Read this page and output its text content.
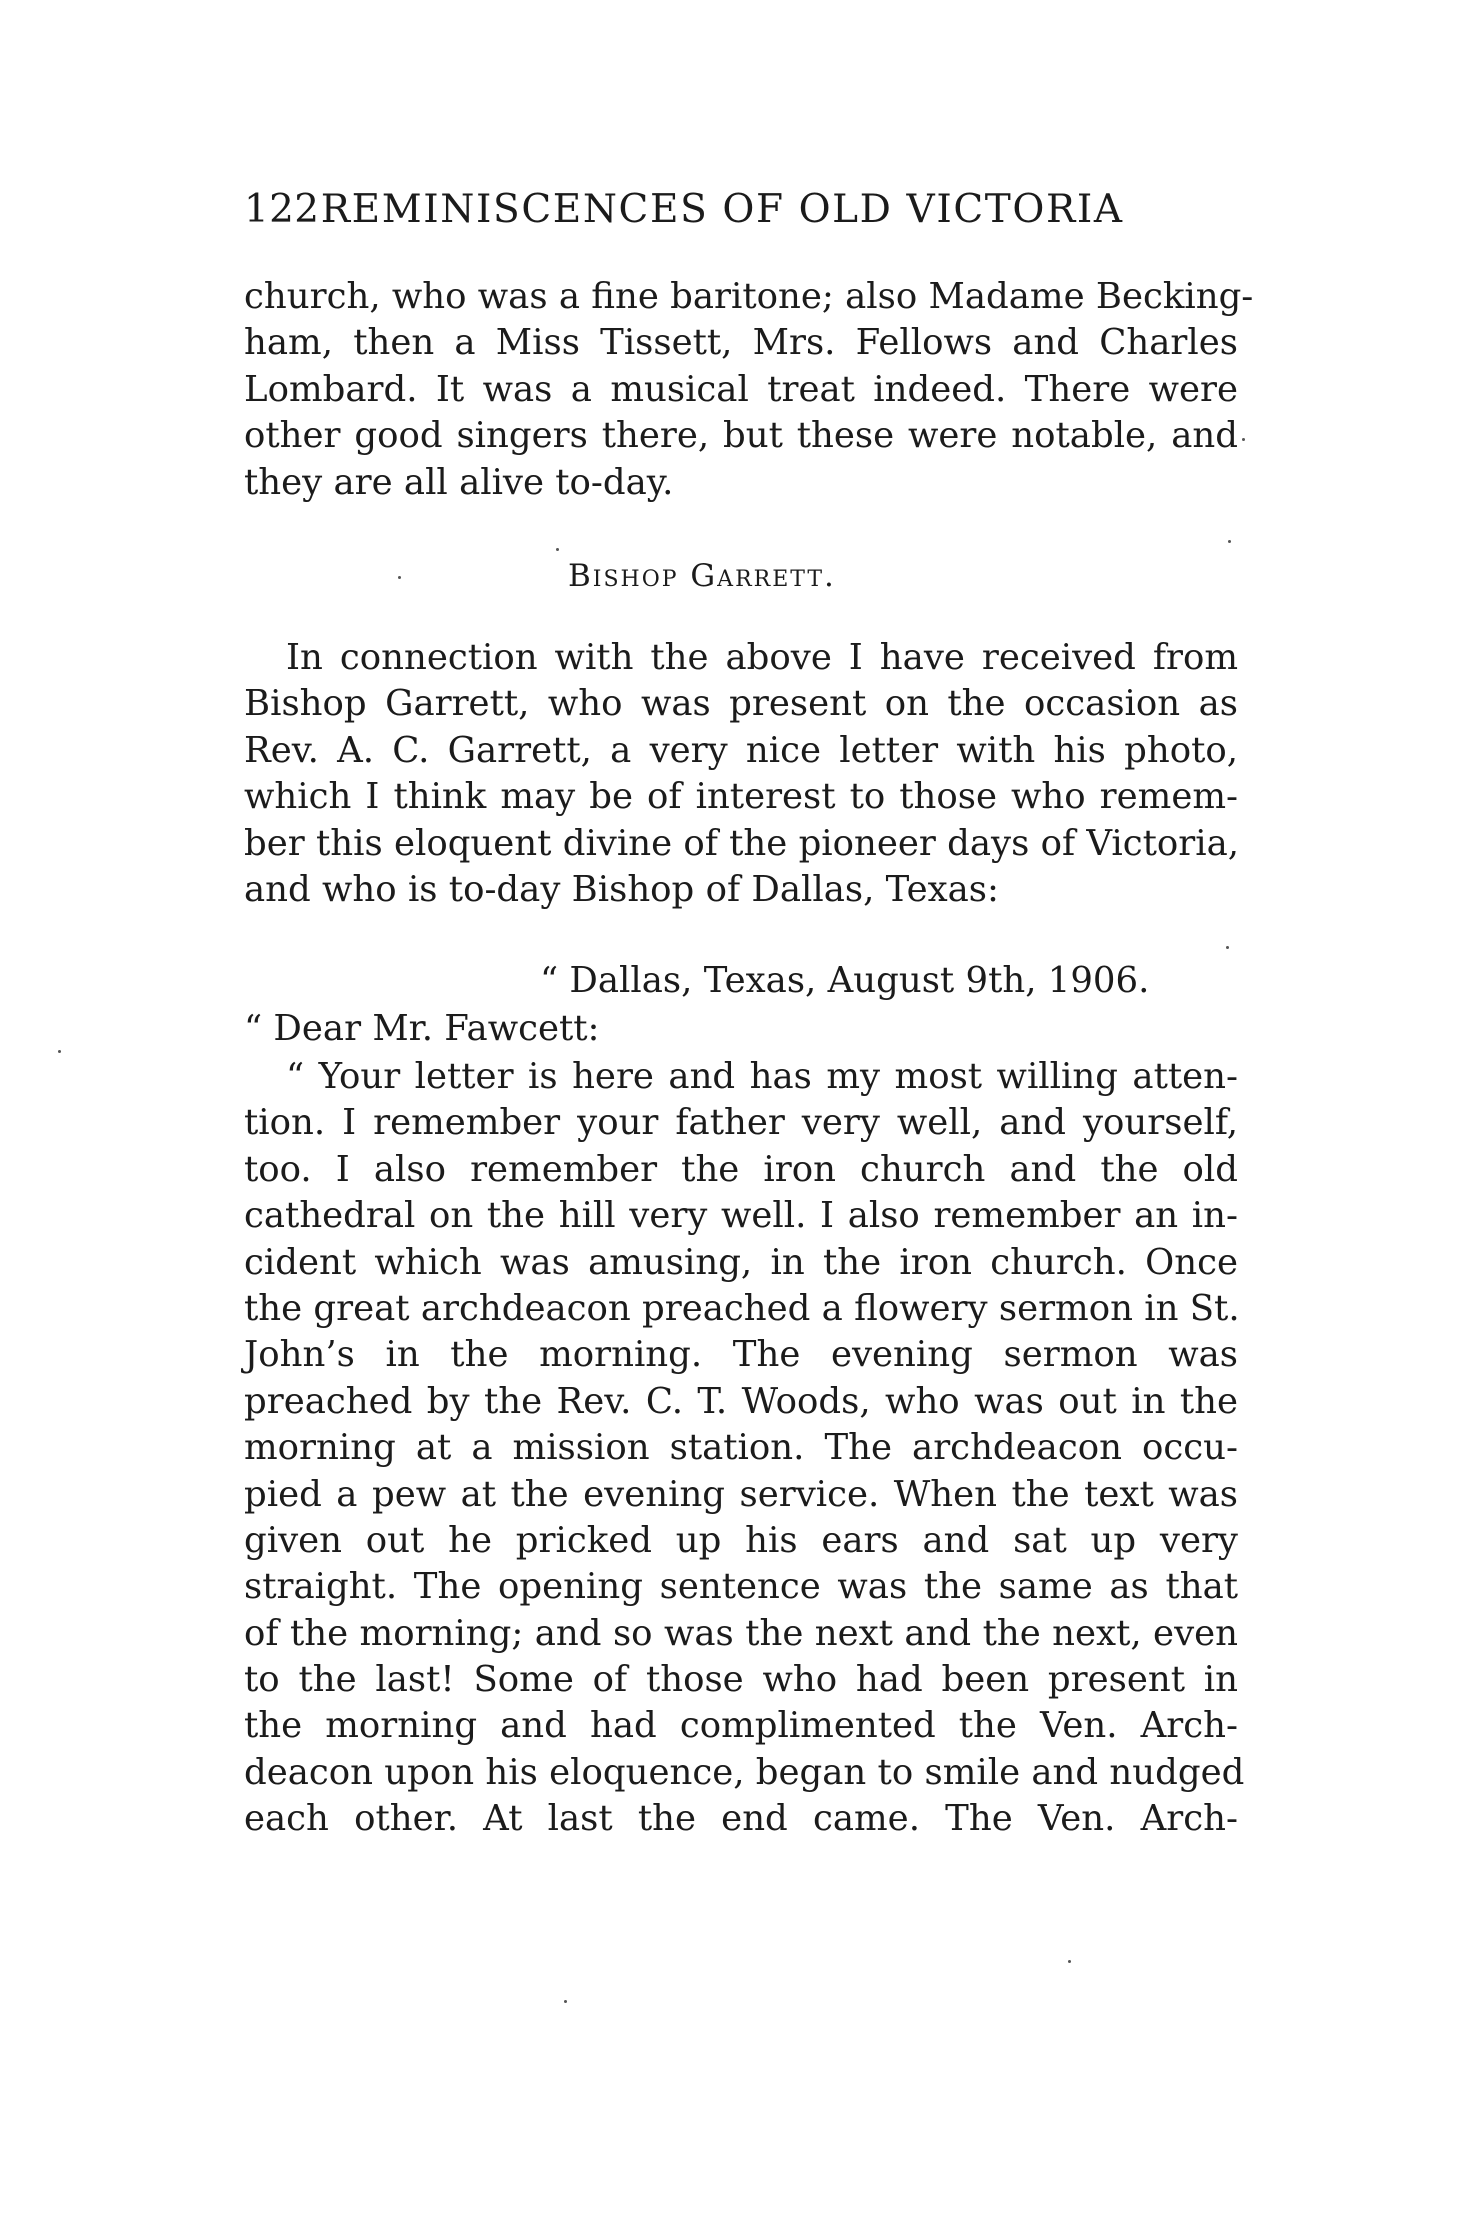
122 REMINISCENCES OF OLD VICTORIA
church, who was a fine baritone; also Madame Becking-
ham, then a Miss Tissett, Mrs. Fellows and Charles
Lombard. It was a musical treat indeed. There were
other good singers there, but these were notable, and
they are all alive to-day.
Bishop Garrett.
In connection with the above I have received from
Bishop Garrett, who was present on the occasion as
Rev. A. C. Garrett, a very nice letter with his photo,
which I think may be of interest to those who remem-
ber this eloquent divine of the pioneer days of Victoria,
and who is to-day Bishop of Dallas, Texas:
“ Dallas, Texas, August 9th, 1906.
“ Dear Mr. Fawcett:
“ Your letter is here and has my most willing atten-
tion. I remember your father very well, and yourself,
too. I also remember the iron church and the old
cathedral on the hill very well. I also remember an in-
cident which was amusing, in the iron church. Once
the great archdeacon preached a flowery sermon in St.
John’s in the morning. The evening sermon was
preached by the Rev. C. T. Woods, who was out in the
morning at a mission station. The archdeacon occu-
pied a pew at the evening service. When the text was
given out he pricked up his ears and sat up very
straight. The opening sentence was the same as that
of the morning; and so was the next and the next, even
to the last! Some of those who had been present in
the morning and had complimented the Ven. Arch-
deacon upon his eloquence, began to smile and nudged
each other. At last the end came. The Ven. Arch-
